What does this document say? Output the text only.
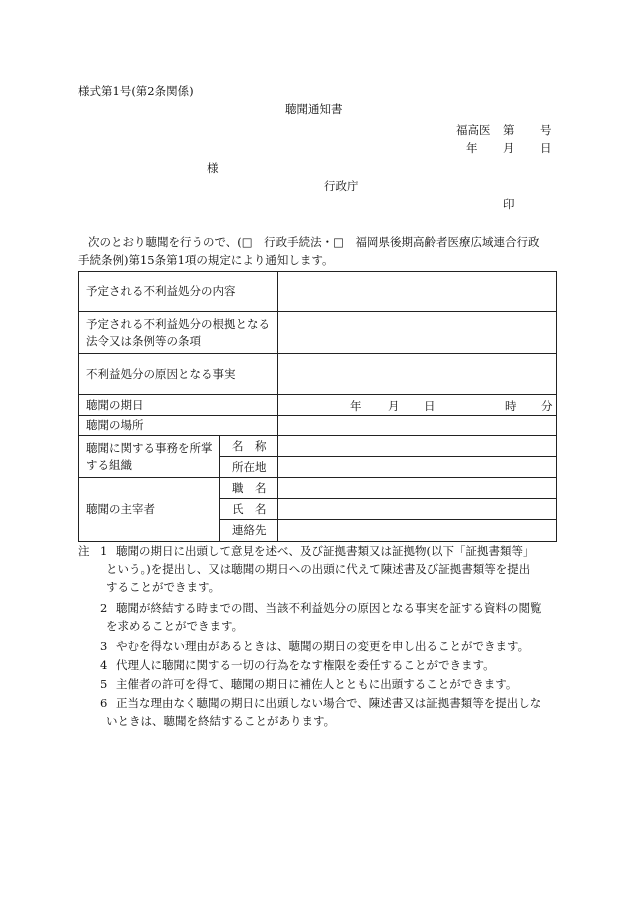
様式第1号(第2条関係)
聴聞通知書
福高医 第 号
年 月 日
様
行政庁
印
次のとおり聴聞を行うので、(□　行政手続法・□　福岡県後期高齢者医療広域連合行政
手続条例)第15条第1項の規定により通知します。
予定される不利益処分の内容		

予定される不利益処分の根拠となる
法令又は条例等の条項		

不利益処分の原因となる事実		
聴聞の期日		年 月 日 時 分

聴聞の場所		

聴聞に関する事務を所掌
する組織	名　称	
	所在地	
聴聞の主宰者	職　名	
	氏　名	
	連絡先	
注 1 聴聞の期日に出頭して意見を述べ、及び証拠書類又は証拠物(以下「証拠書類等」
という。)を提出し、又は聴聞の期日への出頭に代えて陳述書及び証拠書類等を提出
することができます。
2 聴聞が終結する時までの間、当該不利益処分の原因となる事実を証する資料の閲覧
を求めることができます。
3 やむを得ない理由があるときは、聴聞の期日の変更を申し出ることができます。
4 代理人に聴聞に関する一切の行為をなす権限を委任することができます。
5 主催者の許可を得て、聴聞の期日に補佐人とともに出頭することができます。
6 正当な理由なく聴聞の期日に出頭しない場合で、陳述書又は証拠書類等を提出しな
いときは、聴聞を終結することがあります。
